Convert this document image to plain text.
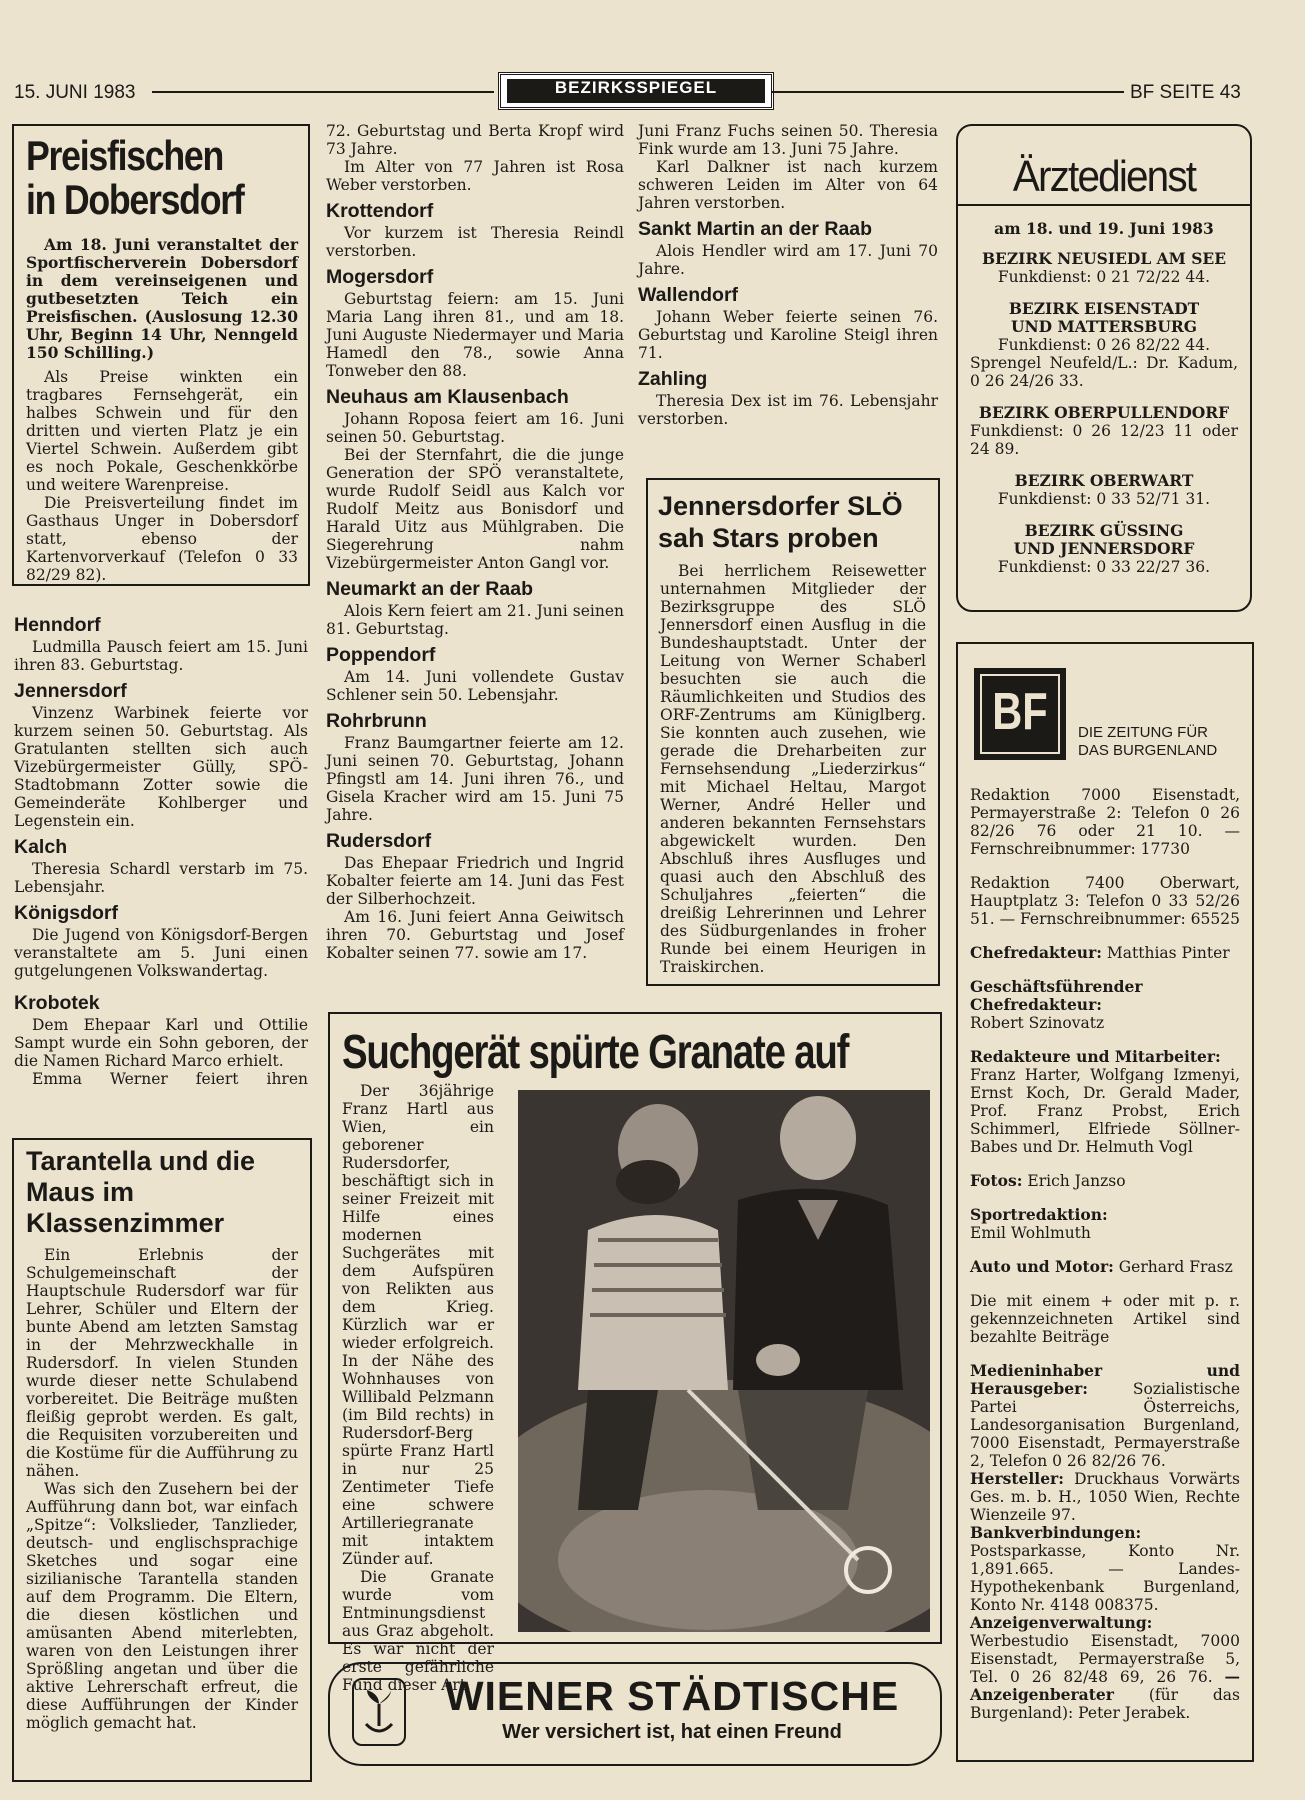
15. JUNI 1983	BEZIRKSSPIEGEL	BF SEITE 43
Preisfischen
in Dobersdorf

Am 18. Juni veranstaltet der Sportfischerverein Dobersdorf in dem vereinseigenen und gutbesetzten Teich ein Preisfischen. (Auslosung 12.30 Uhr, Beginn 14 Uhr, Nenngeld 150 Schilling.)

Als Preise winkten ein tragbares Fernsehgerät, ein halbes Schwein und für den dritten und vierten Platz je ein Viertel Schwein. Außerdem gibt es noch Pokale, Geschenkkörbe und weitere Warenpreise.

Die Preisverteilung findet im Gasthaus Unger in Dobersdorf statt, ebenso der Kartenvorverkauf (Telefon 0 33 82/29 82).

Henndorf

Ludmilla Pausch feiert am 15. Juni ihren 83. Geburtstag.

Jennersdorf

Vinzenz Warbinek feierte vor kurzem seinen 50. Geburtstag. Als Gratulanten stellten sich auch Vizebürgermeister Gülly, SPÖ-Stadtobmann Zotter sowie die Gemeinderäte Kohlberger und Legenstein ein.

Kalch

Theresia Schardl verstarb im 75. Lebensjahr.

Königsdorf

Die Jugend von Königsdorf-Bergen veranstaltete am 5. Juni einen gutgelungenen Volkswandertag.

Krobotek

Dem Ehepaar Karl und Ottilie Sampt wurde ein Sohn geboren, der die Namen Richard Marco erhielt.

Emma Werner feiert ihren

Tarantella und die Maus im Klassenzimmer

Ein Erlebnis der Schulgemeinschaft der Hauptschule Rudersdorf war für Lehrer, Schüler und Eltern der bunte Abend am letzten Samstag in der Mehrzweckhalle in Rudersdorf. In vielen Stunden wurde dieser nette Schulabend vorbereitet. Die Beiträge mußten fleißig geprobt werden. Es galt, die Requisiten vorzubereiten und die Kostüme für die Aufführung zu nähen.

Was sich den Zusehern bei der Aufführung dann bot, war einfach „Spitze“: Volkslieder, Tanzlieder, deutsch- und englischsprachige Sketches und sogar eine sizilianische Tarantella standen auf dem Programm. Die Eltern, die diesen köstlichen und amüsanten Abend miterlebten, waren von den Leistungen ihrer Sprößling angetan und über die aktive Lehrerschaft erfreut, die diese Aufführungen der Kinder möglich gemacht hat.

72. Geburtstag und Berta Kropf wird 73 Jahre.

Im Alter von 77 Jahren ist Rosa Weber verstorben.

Krottendorf

Vor kurzem ist Theresia Reindl verstorben.

Mogersdorf

Geburtstag feiern: am 15. Juni Maria Lang ihren 81., und am 18. Juni Auguste Niedermayer und Maria Hamedl den 78., sowie Anna Tonweber den 88.

Neuhaus am Klausenbach

Johann Roposa feiert am 16. Juni seinen 50. Geburtstag.

Bei der Sternfahrt, die die junge Generation der SPÖ veranstaltete, wurde Rudolf Seidl aus Kalch vor Rudolf Meitz aus Bonisdorf und Harald Uitz aus Mühlgraben. Die Siegerehrung nahm Vizebürgermeister Anton Gangl vor.

Neumarkt an der Raab

Alois Kern feiert am 21. Juni seinen 81. Geburtstag.

Poppendorf

Am 14. Juni vollendete Gustav Schlener sein 50. Lebensjahr.

Rohrbrunn

Franz Baumgartner feierte am 12. Juni seinen 70. Geburtstag, Johann Pfingstl am 14. Juni ihren 76., und Gisela Kracher wird am 15. Juni 75 Jahre.

Rudersdorf

Das Ehepaar Friedrich und Ingrid Kobalter feierte am 14. Juni das Fest der Silberhochzeit.

Am 16. Juni feiert Anna Geiwitsch ihren 70. Geburtstag und Josef Kobalter seinen 77. sowie am 17.

Juni Franz Fuchs seinen 50. Theresia Fink wurde am 13. Juni 75 Jahre.

Karl Dalkner ist nach kurzem schweren Leiden im Alter von 64 Jahren verstorben.

Sankt Martin an der Raab

Alois Hendler wird am 17. Juni 70 Jahre.

Wallendorf

Johann Weber feierte seinen 76. Geburtstag und Karoline Steigl ihren 71.

Zahling

Theresia Dex ist im 76. Lebensjahr verstorben.

Jennersdorfer SLÖ sah Stars proben

Bei herrlichem Reisewetter unternahmen Mitglieder der Bezirksgruppe des SLÖ Jennersdorf einen Ausflug in die Bundeshauptstadt. Unter der Leitung von Werner Schaberl besuchten sie auch die Räumlichkeiten und Studios des ORF-Zentrums am Küniglberg. Sie konnten auch zusehen, wie gerade die Dreharbeiten zur Fernsehsendung „Liederzirkus“ mit Michael Heltau, Margot Werner, André Heller und anderen bekannten Fernsehstars abgewickelt wurden. Den Abschluß ihres Ausfluges und quasi auch den Abschluß des Schuljahres „feierten“ die dreißig Lehrerinnen und Lehrer des Südburgenlandes in froher Runde bei einem Heurigen in Traiskirchen.

Suchgerät spürte Granate auf

Der 36jährige Franz Hartl aus Wien, ein geborener Rudersdorfer, beschäftigt sich in seiner Freizeit mit Hilfe eines modernen Suchgerätes mit dem Aufspüren von Relikten aus dem Krieg. Kürzlich war er wieder erfolgreich. In der Nähe des Wohnhauses von Willibald Pelzmann (im Bild rechts) in Rudersdorf-Berg spürte Franz Hartl in nur 25 Zentimeter Tiefe eine schwere Artilleriegranate mit intaktem Zünder auf.

Die Granate wurde vom Entminungsdienst aus Graz abgeholt. Es war nicht der erste gefährliche Fund dieser Art.

WIENER STÄDTISCHE
Wer versichert ist, hat einen Freund
Ärztedienst
am 18. und 19. Juni 1983
BEZIRK NEUSIEDL AM SEE
Funkdienst: 0 21 72/22 44.
BEZIRK EISENSTADT
UND MATTERSBURG
Funkdienst: 0 26 82/22 44.
Sprengel Neufeld/L.: Dr. Kadum, 0 26 24/26 33.
BEZIRK OBERPULLENDORF
Funkdienst: 0 26 12/23 11 oder 24 89.
BEZIRK OBERWART
Funkdienst: 0 33 52/71 31.
BEZIRK GÜSSING
UND JENNERSDORF
Funkdienst: 0 33 22/27 36.
BF	DIE ZEITUNG FÜR
DAS BURGENLAND

Redaktion 7000 Eisenstadt, Permayerstraße 2: Telefon 0 26 82/26 76 oder 21 10. — Fernschreibnummer: 17730

Redaktion 7400 Oberwart, Hauptplatz 3: Telefon 0 33 52/26 51. — Fernschreibnummer: 65525

Chefredakteur: Matthias Pinter

Geschäftsführender Chefredakteur:
Robert Szinovatz

Redakteure und Mitarbeiter:
Franz Harter, Wolfgang Izmenyi, Ernst Koch, Dr. Gerald Mader, Prof. Franz Probst, Erich Schimmerl, Elfriede Söllner-Babes und Dr. Helmuth Vogl

Fotos: Erich Janzso

Sportredaktion:
Emil Wohlmuth

Auto und Motor: Gerhard Frasz

Die mit einem + oder mit p. r. gekennzeichneten Artikel sind bezahlte Beiträge

Medieninhaber und Herausgeber:	Sozialistische Partei Österreichs, Landesorganisation Burgenland, 7000 Eisenstadt, Permayerstraße 2, Telefon 0 26 82/26 76.

Hersteller: Druckhaus Vorwärts Ges. m. b. H., 1050 Wien, Rechte Wienzeile 97.

Bankverbindungen: Postsparkasse, Konto Nr. 1,891.665. — Landes-Hypothekenbank Burgenland, Konto Nr. 4148 008375.

Anzeigenverwaltung: Werbestudio Eisenstadt, 7000 Eisenstadt, Permayerstraße 5, Tel. 0 26 82/48 69, 26 76. — Anzeigenberater (für das Burgenland): Peter Jerabek.
